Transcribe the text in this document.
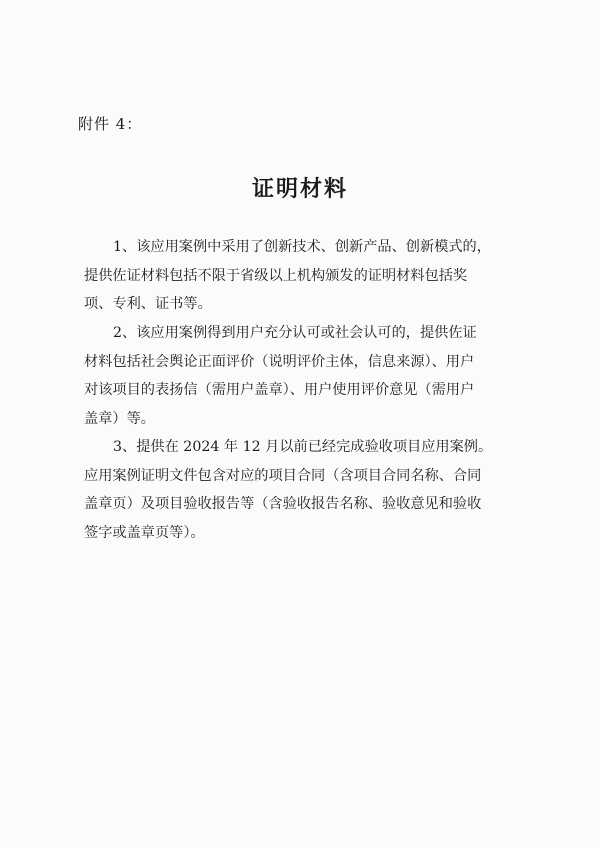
附件 4：
证明材料
1、该应用案例中采用了创新技术、创新产品、创新模式的，
提供佐证材料包括不限于省级以上机构颁发的证明材料包括奖
项、专利、证书等。
2、该应用案例得到用户充分认可或社会认可的，提供佐证
材料包括社会舆论正面评价（说明评价主体，信息来源）、用户
对该项目的表扬信（需用户盖章）、用户使用评价意见（需用户
盖章）等。
3、提供在 2024 年 12 月以前已经完成验收项目应用案例。
应用案例证明文件包含对应的项目合同（含项目合同名称、合同
盖章页）及项目验收报告等（含验收报告名称、验收意见和验收
签字或盖章页等）。
